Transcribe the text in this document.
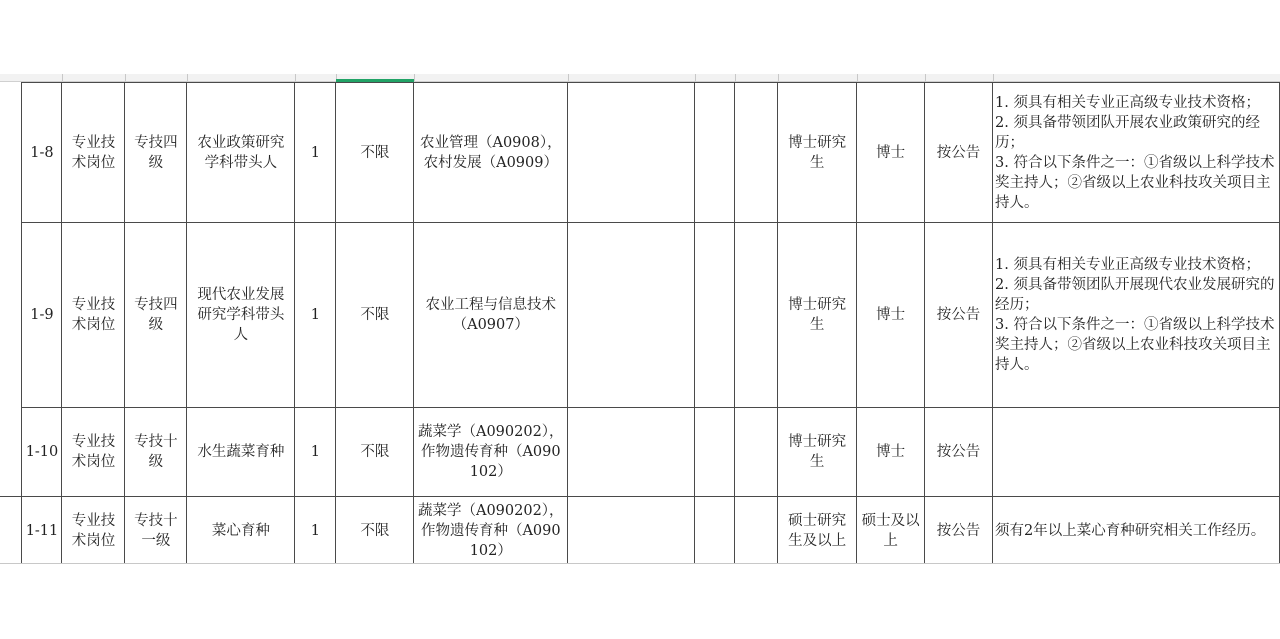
	1-8	专业技术岗位	专技四级	农业政策研究学科带头人	1	不限	农业管理（A0908），农村发展（A0909）				博士研究生	博士	按公告	1. 须具有相关专业正高级专业技术资格；
2. 须具备带领团队开展农业政策研究的经历；
3. 符合以下条件之一：①省级以上科学技术奖主持人；②省级以上农业科技攻关项目主持人。

	1-9	专业技术岗位	专技四级	现代农业发展研究学科带头人	1	不限	农业工程与信息技术（A0907）				博士研究生	博士	按公告	1. 须具有相关专业正高级专业技术资格；
2. 须具备带领团队开展现代农业发展研究的经历；
3. 符合以下条件之一：①省级以上科学技术奖主持人；②省级以上农业科技攻关项目主持人。

	1-10	专业技术岗位	专技十级	水生蔬菜育种	1	不限	蔬菜学（A090202），作物遗传育种（A090102）				博士研究生	博士	按公告	

	1-11	专业技术岗位	专技十一级	菜心育种	1	不限	蔬菜学（A090202），作物遗传育种（A090102）				硕士研究生及以上	硕士及以上	按公告	须有2年以上菜心育种研究相关工作经历。
